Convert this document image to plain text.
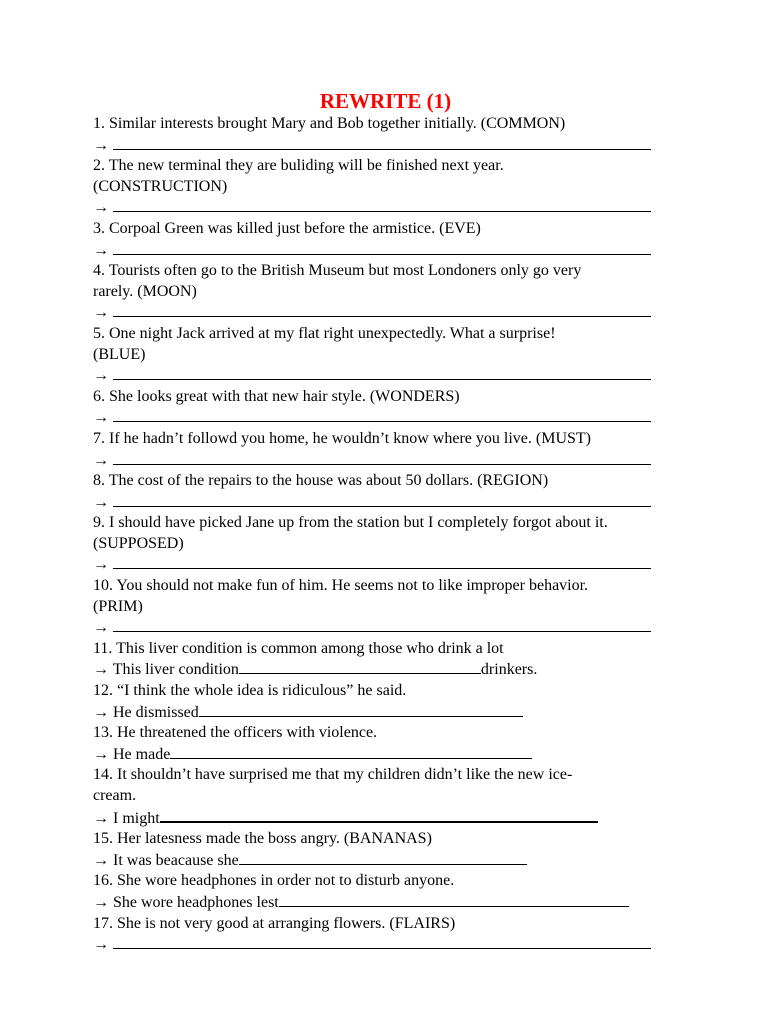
REWRITE (1)

1. Similar interests brought Mary and Bob together initially. (COMMON)

→

2. The new terminal they are buliding will be finished next year.

(CONSTRUCTION)

→

3. Corpoal Green was killed just before the armistice. (EVE)

→

4. Tourists often go to the British Museum but most Londoners only go very

rarely. (MOON)

→

5. One night Jack arrived at my flat right unexpectedly. What a surprise!

(BLUE)

→

6. She looks great with that new hair style. (WONDERS)

→

7. If he hadn’t followd you home, he wouldn’t know where you live. (MUST)

→

8. The cost of the repairs to the house was about 50 dollars. (REGION)

→

9. I should have picked Jane up from the station but I completely forgot about it.

(SUPPOSED)

→

10. You should not make fun of him. He seems not to like improper behavior.

(PRIM)

→

11. This liver condition is common among those who drink a lot

→ This liver condition	drinkers.

12. “I think the whole idea is ridiculous” he said.

→ He dismissed

13. He threatened the officers with violence.

→ He made

14. It shouldn’t have surprised me that my children didn’t like the new ice-

cream.

→ I might

15. Her latesness made the boss angry. (BANANAS)

→ It was beacause she

16. She wore headphones in order not to disturb anyone.

→ She wore headphones lest

17. She is not very good at arranging flowers. (FLAIRS)

→
